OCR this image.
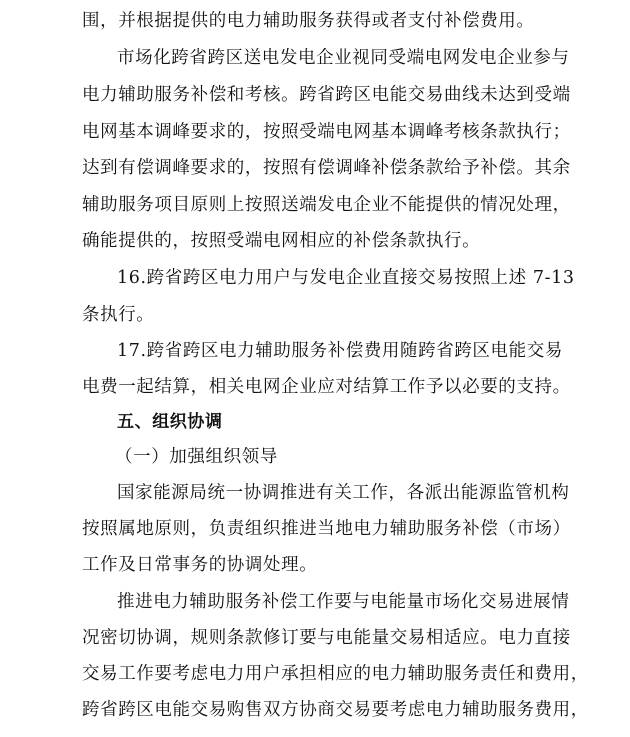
围，并根据提供的电力辅助服务获得或者支付补偿费用。
市场化跨省跨区送电发电企业视同受端电网发电企业参与
电力辅助服务补偿和考核。跨省跨区电能交易曲线未达到受端
电网基本调峰要求的，按照受端电网基本调峰考核条款执行；
达到有偿调峰要求的，按照有偿调峰补偿条款给予补偿。其余
辅助服务项目原则上按照送端发电企业不能提供的情况处理，
确能提供的，按照受端电网相应的补偿条款执行。
16.跨省跨区电力用户与发电企业直接交易按照上述 7-13
条执行。
17.跨省跨区电力辅助服务补偿费用随跨省跨区电能交易
电费一起结算，相关电网企业应对结算工作予以必要的支持。
五、组织协调
（一）加强组织领导
国家能源局统一协调推进有关工作，各派出能源监管机构
按照属地原则，负责组织推进当地电力辅助服务补偿（市场）
工作及日常事务的协调处理。
推进电力辅助服务补偿工作要与电能量市场化交易进展情
况密切协调，规则条款修订要与电能量交易相适应。电力直接
交易工作要考虑电力用户承担相应的电力辅助服务责任和费用，
跨省跨区电能交易购售双方协商交易要考虑电力辅助服务费用，
